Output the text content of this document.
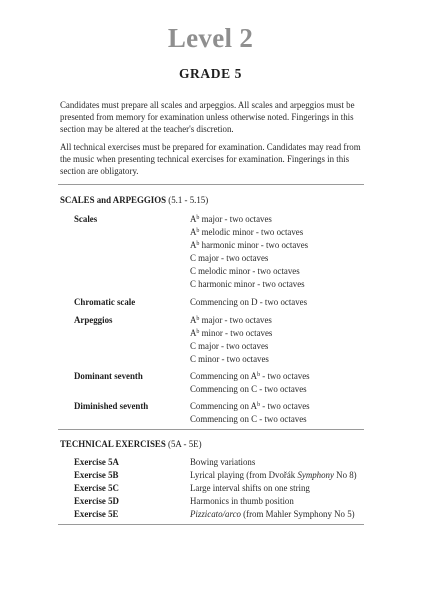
Level 2
GRADE 5
Candidates must prepare all scales and arpeggios. All scales and arpeggios must be presented from memory for examination unless otherwise noted. Fingerings in this section may be altered at the teacher's discretion.
All technical exercises must be prepared for examination. Candidates may read from the music when presenting technical exercises for examination. Fingerings in this section are obligatory.
SCALES and ARPEGGIOS (5.1 - 5.15)
Scales	$A^b$ major - two octaves
$A^b$ melodic minor - two octaves
$A^b$ harmonic minor - two octaves
C major - two octaves
C melodic minor - two octaves
C harmonic minor - two octaves
Chromatic scale	Commencing on D - two octaves
Arpeggios	$A^b$ major - two octaves
$A^b$ minor - two octaves
C major - two octaves
C minor - two octaves
Dominant seventh	Commencing on $A^b$ - two octaves
Commencing on C - two octaves
Diminished seventh	Commencing on $A^b$ - two octaves
Commencing on C - two octaves
TECHNICAL EXERCISES (5A - 5E)
Exercise 5A	Bowing variations
Exercise 5B	Lyrical playing (from Dvořák Symphony No 8)
Exercise 5C	Large interval shifts on one string
Exercise 5D	Harmonics in thumb position
Exercise 5E	Pizzicato/arco (from Mahler Symphony No 5)
